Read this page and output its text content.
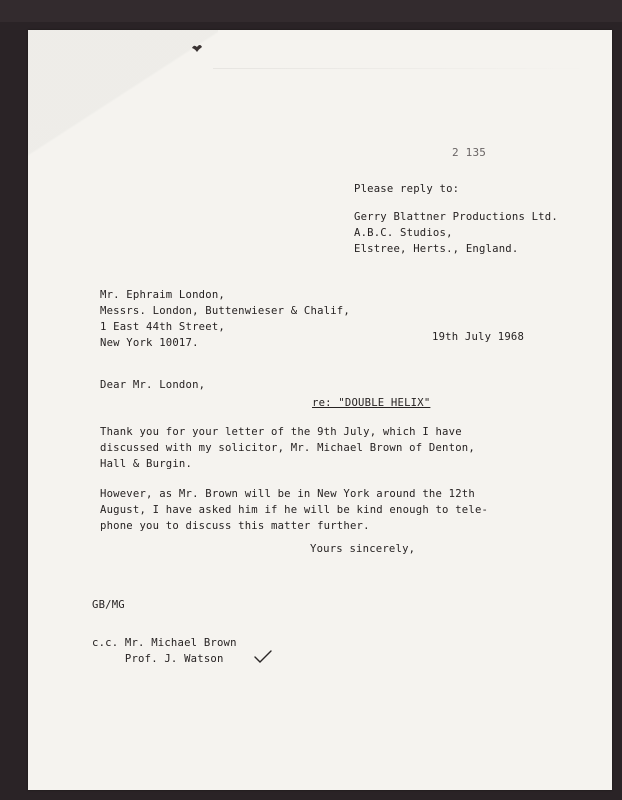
2 135

Please reply to:

Gerry Blattner Productions Ltd.

A.B.C. Studios,

Elstree, Herts., England.

Mr. Ephraim London,

Messrs. London, Buttenwieser & Chalif,

1 East 44th Street,

New York 10017.	19th July 1968

Dear Mr. London,

re: "DOUBLE HELIX"

Thank you for your letter of the 9th July, which I have
discussed with my solicitor, Mr. Michael Brown of Denton,
Hall & Burgin.

However, as Mr. Brown will be in New York around the 12th
August, I have asked him if he will be kind enough to tele-
phone you to discuss this matter further.

Yours sincerely,

GB/MG

c.c. Mr. Michael Brown

Prof. J. Watson
